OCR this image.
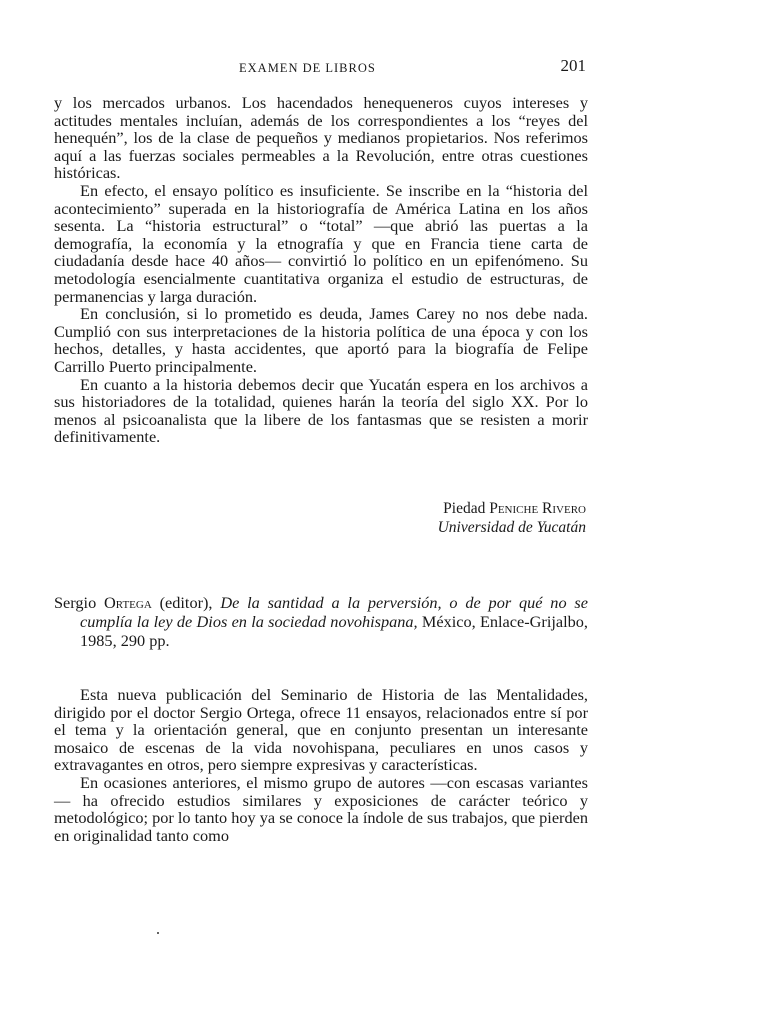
EXAMEN DE LIBROS	201

y los mercados urbanos. Los hacendados henequeneros cuyos intereses y actitudes mentales incluían, además de los correspondientes a los “reyes del henequén”, los de la clase de pequeños y medianos propietarios. Nos referimos aquí a las fuerzas sociales permeables a la Revolución, entre otras cuestiones históricas.

En efecto, el ensayo político es insuficiente. Se inscribe en la “historia del acontecimiento” superada en la historiografía de América Latina en los años sesenta. La “historia estructural” o “total” —que abrió las puertas a la demografía, la economía y la etnografía y que en Francia tiene carta de ciudadanía desde hace 40 años— convirtió lo político en un epifenómeno. Su metodología esencialmente cuantitativa organiza el estudio de estructuras, de permanencias y larga duración.

En conclusión, si lo prometido es deuda, James Carey no nos debe nada. Cumplió con sus interpretaciones de la historia política de una época y con los hechos, detalles, y hasta accidentes, que aportó para la biografía de Felipe Carrillo Puerto principalmente.

En cuanto a la historia debemos decir que Yucatán espera en los archivos a sus historiadores de la totalidad, quienes harán la teoría del siglo XX. Por lo menos al psicoanalista que la libere de los fantasmas que se resisten a morir definitivamente.

Piedad Peniche Rivero
Universidad de Yucatán

Sergio Ortega (editor), De la santidad a la perversión, o de por qué no se cumplía la ley de Dios en la sociedad novohispana, México, Enlace-Grijalbo, 1985, 290 pp.

Esta nueva publicación del Seminario de Historia de las Mentalidades, dirigido por el doctor Sergio Ortega, ofrece 11 ensayos, relacionados entre sí por el tema y la orientación general, que en conjunto presentan un interesante mosaico de escenas de la vida novohispana, peculiares en unos casos y extravagantes en otros, pero siempre expresivas y características.

En ocasiones anteriores, el mismo grupo de autores —con escasas variantes— ha ofrecido estudios similares y exposiciones de carácter teórico y metodológico; por lo tanto hoy ya se conoce la índole de sus trabajos, que pierden en originalidad tanto como
